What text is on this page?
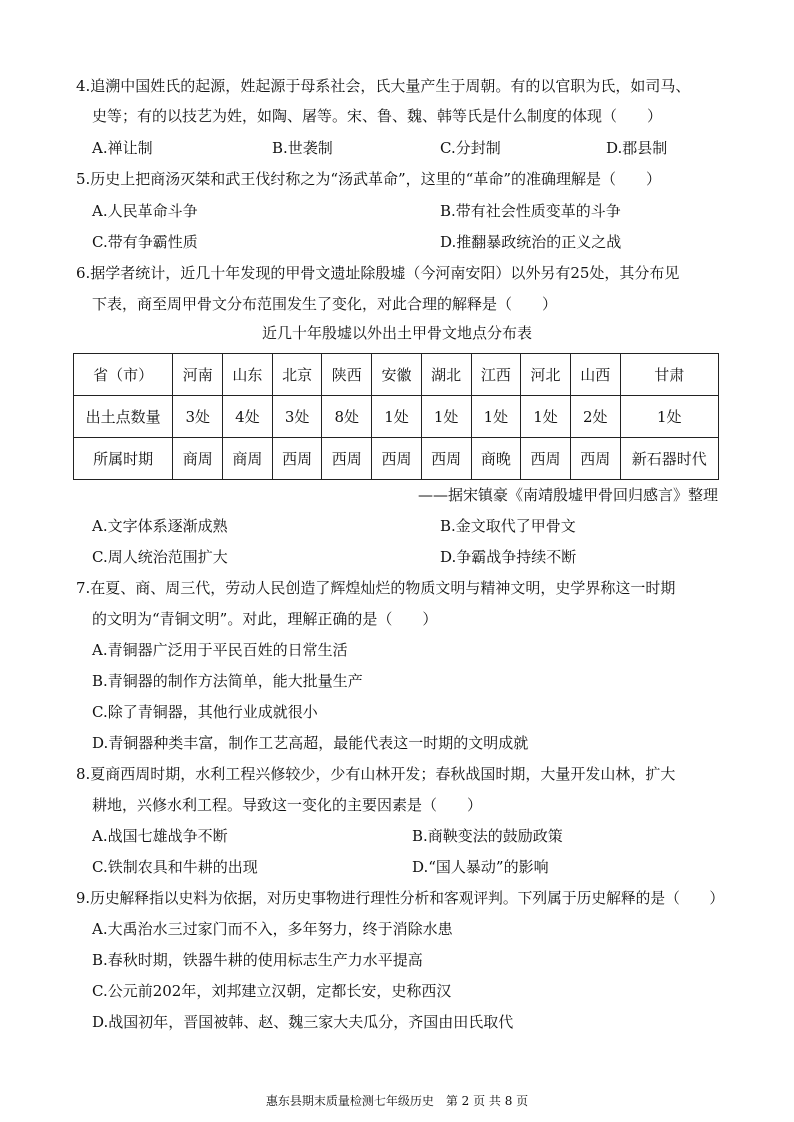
4.追溯中国姓氏的起源，姓起源于母系社会，氏大量产生于周朝。有的以官职为氏，如司马、
史等；有的以技艺为姓，如陶、屠等。宋、鲁、魏、韩等氏是什么制度的体现（　　）
A.禅让制	B.世袭制	C.分封制	D.郡县制
5.历史上把商汤灭桀和武王伐纣称之为“汤武革命”，这里的“革命”的准确理解是（　　）
A.人民革命斗争	B.带有社会性质变革的斗争
C.带有争霸性质	D.推翻暴政统治的正义之战
6.据学者统计，近几十年发现的甲骨文遗址除殷墟（今河南安阳）以外另有25处，其分布见
下表，商至周甲骨文分布范围发生了变化，对此合理的解释是（　　）
近几十年殷墟以外出土甲骨文地点分布表
省（市）	河南	山东	北京	陕西	安徽	湖北	江西	河北	山西	甘肃
出土点数量	3处	4处	3处	8处	1处	1处	1处	1处	2处	1处
所属时期	商周	商周	西周	西周	西周	西周	商晚	西周	西周	新石器时代
——据宋镇豪《南靖殷墟甲骨回归感言》整理
A.文字体系逐渐成熟	B.金文取代了甲骨文
C.周人统治范围扩大	D.争霸战争持续不断
7.在夏、商、周三代，劳动人民创造了辉煌灿烂的物质文明与精神文明，史学界称这一时期
的文明为“青铜文明”。对此，理解正确的是（　　）
A.青铜器广泛用于平民百姓的日常生活
B.青铜器的制作方法简单，能大批量生产
C.除了青铜器，其他行业成就很小
D.青铜器种类丰富，制作工艺高超，最能代表这一时期的文明成就
8.夏商西周时期，水利工程兴修较少，少有山林开发；春秋战国时期，大量开发山林，扩大
耕地，兴修水利工程。导致这一变化的主要因素是（　　）
A.战国七雄战争不断	B.商鞅变法的鼓励政策
C.铁制农具和牛耕的出现	D.“国人暴动”的影响
9.历史解释指以史料为依据，对历史事物进行理性分析和客观评判。下列属于历史解释的是（　　）
A.大禹治水三过家门而不入，多年努力，终于消除水患
B.春秋时期，铁器牛耕的使用标志生产力水平提高
C.公元前202年，刘邦建立汉朝，定都长安，史称西汉
D.战国初年，晋国被韩、赵、魏三家大夫瓜分，齐国由田氏取代
惠东县期末质量检测七年级历史　第 2 页 共 8 页
